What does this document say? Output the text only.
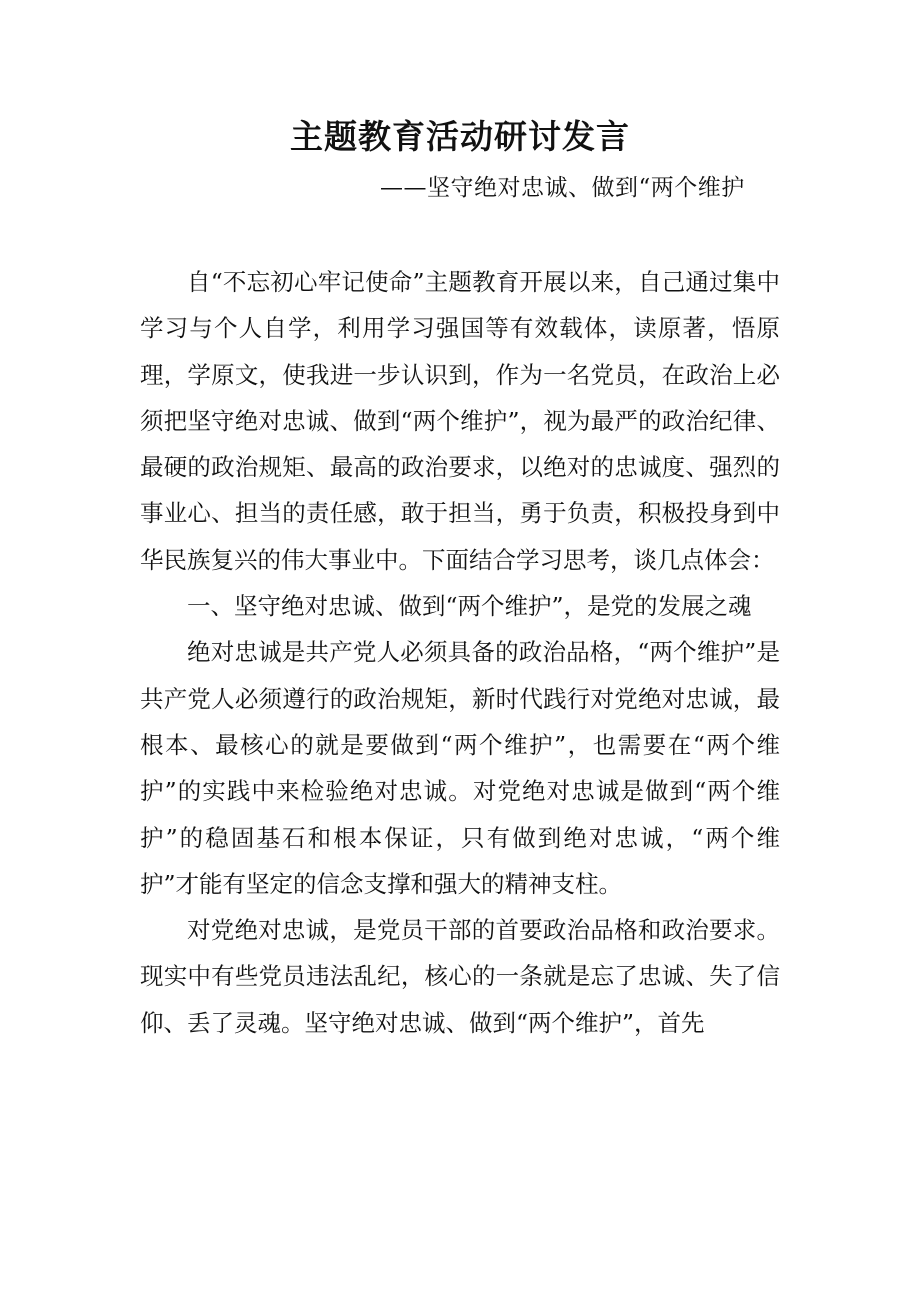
主题教育活动研讨发言
——坚守绝对忠诚、做到“两个维护

自“不忘初心牢记使命”主题教育开展以来，自己通过集中学习与个人自学，利用学习强国等有效载体，读原著，悟原理，学原文，使我进一步认识到，作为一名党员，在政治上必须把坚守绝对忠诚、做到“两个维护”，视为最严的政治纪律、最硬的政治规矩、最高的政治要求，以绝对的忠诚度、强烈的事业心、担当的责任感，敢于担当，勇于负责，积极投身到中华民族复兴的伟大事业中。下面结合学习思考，谈几点体会：

一、坚守绝对忠诚、做到“两个维护”，是党的发展之魂

绝对忠诚是共产党人必须具备的政治品格，“两个维护”是共产党人必须遵行的政治规矩，新时代践行对党绝对忠诚，最根本、最核心的就是要做到“两个维护”，也需要在“两个维护”的实践中来检验绝对忠诚。对党绝对忠诚是做到“两个维护”的稳固基石和根本保证，只有做到绝对忠诚，“两个维护”才能有坚定的信念支撑和强大的精神支柱。

对党绝对忠诚，是党员干部的首要政治品格和政治要求。现实中有些党员违法乱纪，核心的一条就是忘了忠诚、失了信仰、丢了灵魂。坚守绝对忠诚、做到“两个维护”，首先
